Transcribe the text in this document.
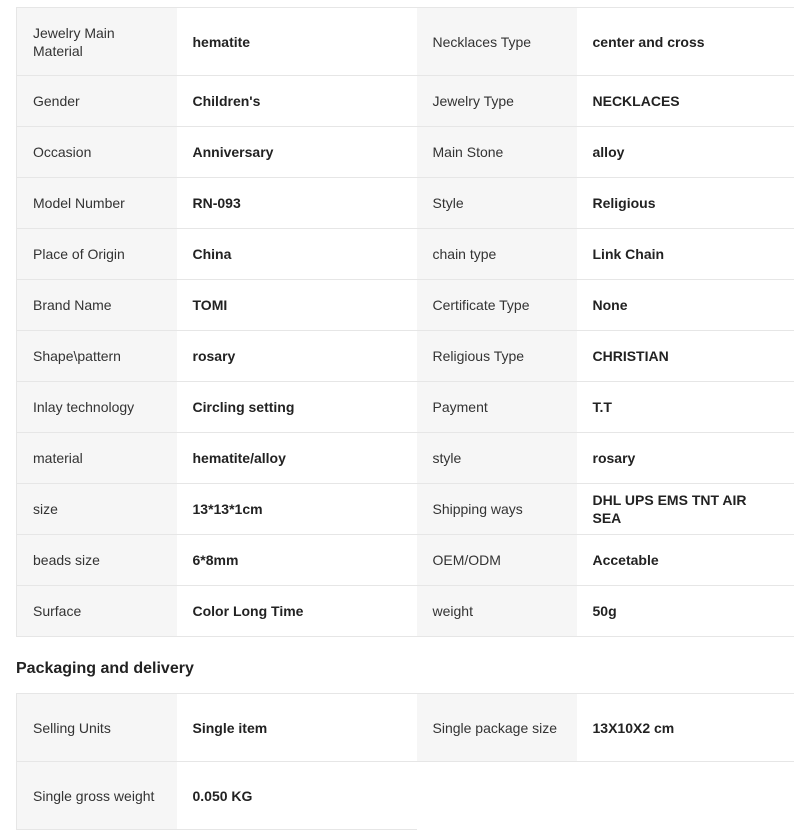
Jewelry Main Material	hematite	Necklaces Type	center and cross
Gender	Children's	Jewelry Type	NECKLACES
Occasion	Anniversary	Main Stone	alloy
Model Number	RN-093	Style	Religious
Place of Origin	China	chain type	Link Chain
Brand Name	TOMI	Certificate Type	None
Shape\pattern	rosary	Religious Type	CHRISTIAN
Inlay technology	Circling setting	Payment	T.T
material	hematite/alloy	style	rosary
size	13*13*1cm	Shipping ways	DHL UPS EMS TNT AIR SEA
beads size	6*8mm	OEM/ODM	Accetable
Surface	Color Long Time	weight	50g
Packaging and delivery
Selling Units	Single item	Single package size	13X10X2 cm
Single gross weight	0.050 KG		
